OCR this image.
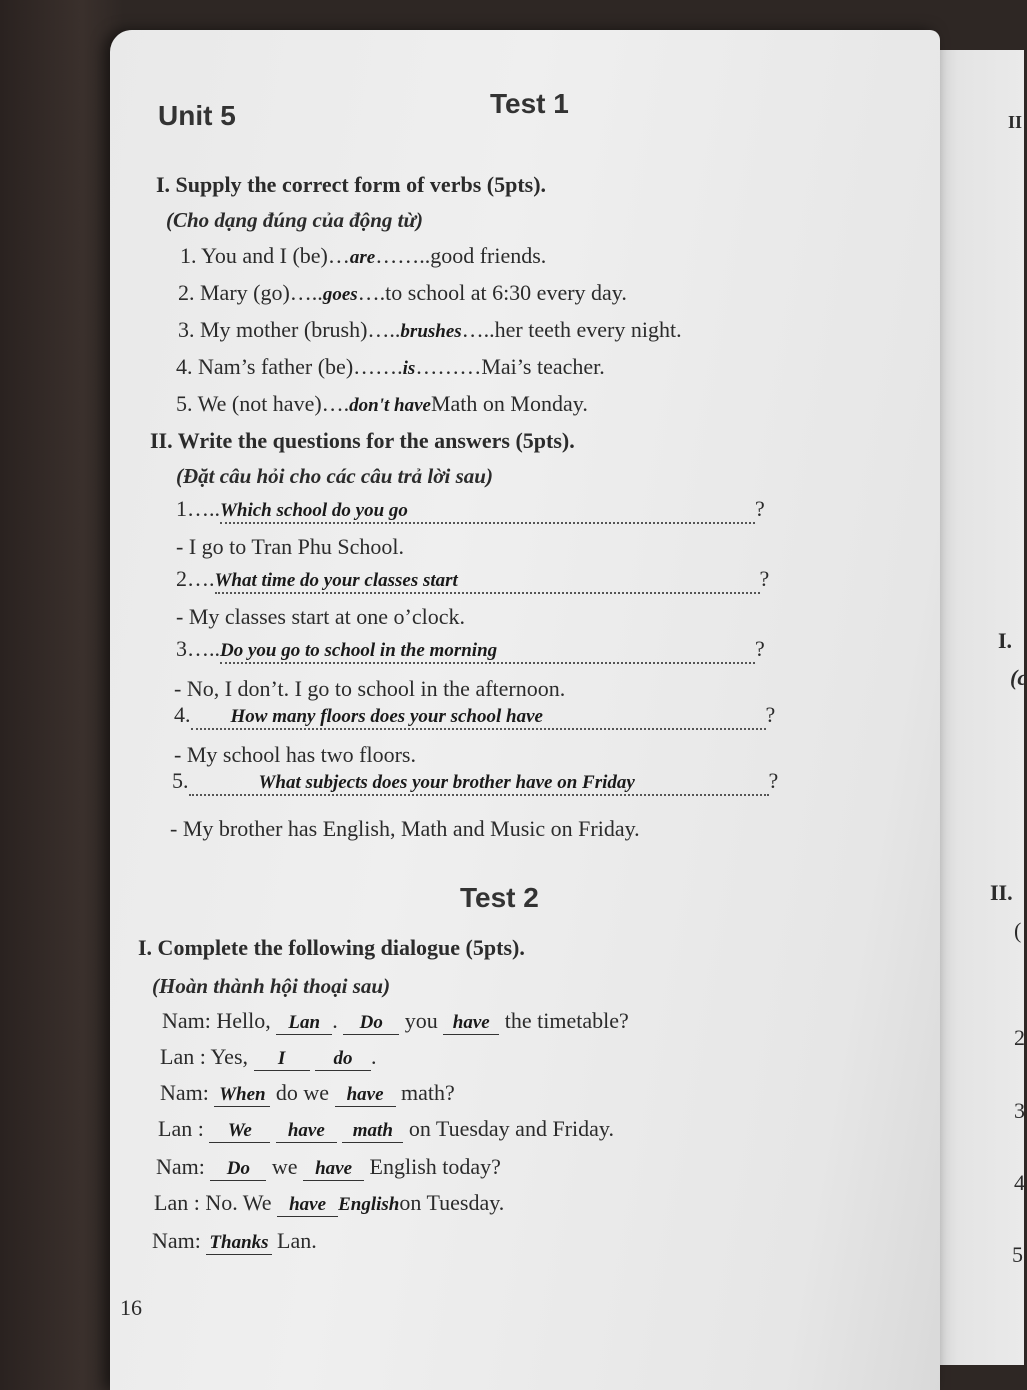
II
I.
(c
II.
(
2
3
4
5
Unit 5	Test 1
I. Supply the correct form of verbs (5pts).
(Cho dạng đúng của động từ)
1. You and I (be)…are……..good friends.
2. Mary (go)…..goes….to school at 6:30 every day.
3. My mother (brush)…..brushes…..her teeth every night.
4. Nam’s father (be)…….is………Mai’s teacher.
5. We (not have)….don't haveMath on Monday.
II. Write the questions for the answers (5pts).
(Đặt câu hỏi cho các câu trả lời sau)
1…..Which school do you go	?
- I go to Tran Phu School.
2….What time do your classes start	?
- My classes start at one o’clock.
3…..Do you go to school in the morning	?
- No, I don’t. I go to school in the afternoon.
4. How many floors does your school have	?
- My school has two floors.
5.	What subjects does your brother have on Friday	?
- My brother has English, Math and Music on Friday.
Test 2
I. Complete the following dialogue (5pts).
(Hoàn thành hội thoại sau)
Nam: Hello, Lan . Do you have the timetable?
Lan : Yes, I	do .
Nam: When do we have math?
Lan : We have math on Tuesday and Friday.
Nam: Do we have English today?
Lan : No. We have Englishon Tuesday.
Nam: Thanks Lan.
16
